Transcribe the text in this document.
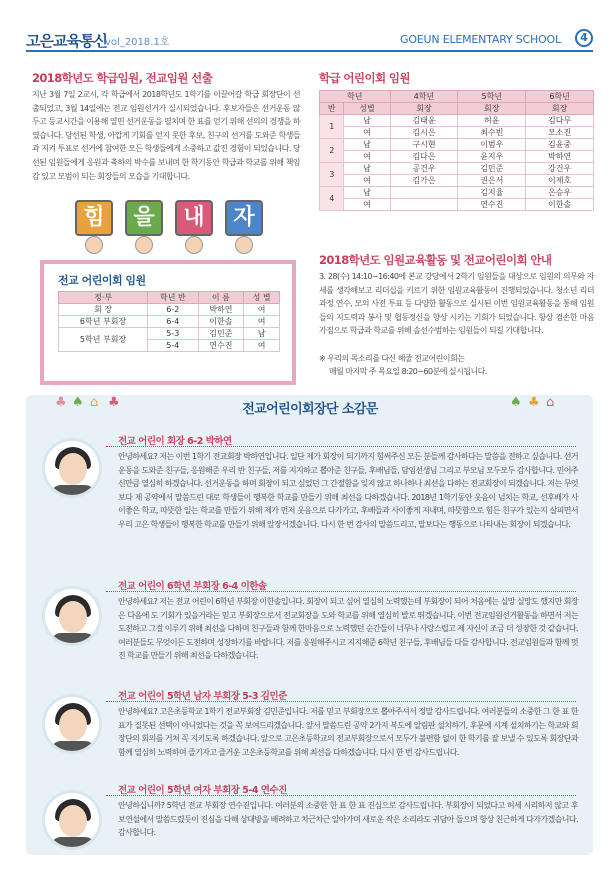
고은교육통신
vol_2018.1호	GOEUN ELEMENTARY SCHOOL	4
2018학년도 학급임원, 전교임원 선출
지난 3월 7일 2교시, 각 학급에서 2018학년도 1학기를 이끌어갈 학급 회장단이 선출되었고, 3월 14일에는 전교 임원선거가 실시되었습니다. 후보자들은 선거운동 않두고 등교시간을 이용해 열띤 선거운동을 펼치며 한 표를 얻기 위해 선의의 경쟁을 하였습니다. 당선된 학생, 아깝게 기회를 얻지 못한 후보, 친구의 선거를 도와준 학생들과 지켜 투표로 선거에 참여한 모든 학생들에게 소중하고 값진 경험이 되었습니다. 당선된 임원들에게 응원과 축하의 박수를 보내며 한 학기동안 학급과 학교를 위해 책임감 있고 모범이 되는 회장들의 모습을 기대합니다.
힘	을	내	자
전교 어린이회 임원
정·부	학년 반	이 름	성 별
회 장	6-2	박하연	여
6학년 부회장	6-4	이한솔	여
5학년 부회장	5-3	김민준	남
	5-4	연수진	여
학급 어린이회 임원
학년		4학년	5학년	6학년
반	성별	회장	회장	회장
1	남	김태윤	허윤	김다무
	여	김시은	최수빈	모소진
2	남	구시현	이범우	김윤중
	여	김다은	윤지우	박하연
3	남	공건우	김민준	강건우
	여	김가은	권은서	이제호
4	남		김지율	은승우
	여		연수진	이한솔
2018학년도 임원교육활동 및 전교어린이회 안내
3. 28(수) 14:10~16:40에 본교 강당에서 2학기 임원들을 대상으로 임원의 의무와 자세를 생각해보고 리더십을 키르기 위한 임원교육활동이 진행되었습니다. 청소년 리더 과정 연수, 모의 사전 투표 등 다양한 활동으로 실시된 이번 임원교육활동을 통해 임원들의 지도력과 봉사 및 협동정신을 향상 시키는 기회가 되었습니다. 항상 겸손한 마음가짐으로 학급과 학교를 위해 솔선수범하는 임원들이 되길 기대합니다.
※ 우리의 목소리를 다신 해줄 전교어린이회는
매월 마지막 주 목요일 8:20~60분에 실시됩니다.
♣ ♠ ⌂ ♣	전교어린이회장단 소감문	♠ ♣ ⌂
전교 어린이 회장 6-2 박하연
안녕하세요? 저는 이번 1학기 전교회장 박하연입니다. 일단 제가 회장이 되기까지 힘써주신 모든 분들께 감사하다는 말씀을 전하고 싶습니다. 선거운동을 도와준 친구들, 응원해준 우리 반 친구들, 저를 지지하고 뽑아준 친구들, 후배님들, 담임선생님 그리고 부모님 모두모두 감사합니다. 민어주신만큼 열심히 하겠습니다. 선거운동을 하며 회장이 되고 싶었던 그 간절함을 잊지 않고 하나하나 최선을 다하는 전교회장이 되겠습니다. 저는 무엇보다 제 공약에서 말씀드린 대로 학생들이 행복한 학교를 만들기 위해 최선을 다하겠습니다. 2018년 1학기동안 웃음이 넘치는 학교, 선후배가 사이좋은 학교, 따뜻한 일는 학교를 만들기 위해 제가 먼저 웃음으로 다가가고, 후배들과 사이좋게 지내며, 따뜻함으로 힘든 친구가 있는지 살피면서 우리 고은 학생들이 행복한 학교를 만들기 위해 앞장서겠습니다. 다시 한 번 감사의 말씀드리고, 말보다는 행동으로 나타내는 회장이 되겠습니다.
전교 어린이 6학년 부회장 6-4 이한솔
안녕하세요? 저는 전교 어린이 6학년 부회장 이한솔입니다. 회장이 되고 싶어 열심히 노력했는데 부회장이 되어 처음에는 실망 실망도 했지만 회장은 다음에 도 기회가 있을거라는 믿고 부회장으로서 전교회장을 도와 학교를 위해 열심히 발로 뛰겠습니다. 이번 전교임원선거활동을 하면서 저는 도전하고 그걸 이루기 위해 최선을 다하며 친구들과 함께 한마음으로 노력했던 순간들이 너무나 사랑스럽고 제 자신이 조금 더 성장한 것 같습니다. 여러분들도 무엇이든 도전하며 성장하기를 바랍니다. 저를 응원해주시고 지지해준 6학년 친구들, 후배님들 다들 감사합니다. 전교임원들과 함께 멋진 학교를 만들기 위해 최선을 다하겠습니다.
전교 어린이 5학년 남자 부회장 5-3 김민준
안녕하세요? 고은초등학교 1학기 전교부회장 김민준입니다. 저를 믿고 부회장으로 뽑아주셔서 정말 감사드립니다. 여러분들의 소중한 그 한 표 한 표가 질못된 선택이 아니었다는 것을 꼭 보여드리겠습니다. 앞서 말씀드린 공약 2가지 복도에 알림판 설치하기, 후문에 시계 설치하기는 학교와 회장단의 회의를 거쳐 꼭 지키도록 하겠습니다. 앞으로 고은초등학교의 전교부회장으로서 모두가 불편함 없이 한 학기를 잘 보낼 수 있도록 회장단과 함께 열심히 노력하며 즐기자고 즐거운 고은초등학교를 위해 최선을 다하겠습니다. 다시 한 번 감사드립니다.
전교 어린이 5학년 여자 부회장 5-4 연수진
안녕하십니까? 5학년 전교 부회장 연수진입니다. 여러분의 소중한 한 표 한 표 진심으로 감사드립니다. 부회장이 되었다고 허세 시리하지 않고 후보연설에서 말씀드렸듯이 진심을 다해 상대방을 배려하고 차근차근 알아가며 새로운 작은 소리라도 귀담아 들으며 항상 친근하게 다가가겠습니다. 감사합니다.
